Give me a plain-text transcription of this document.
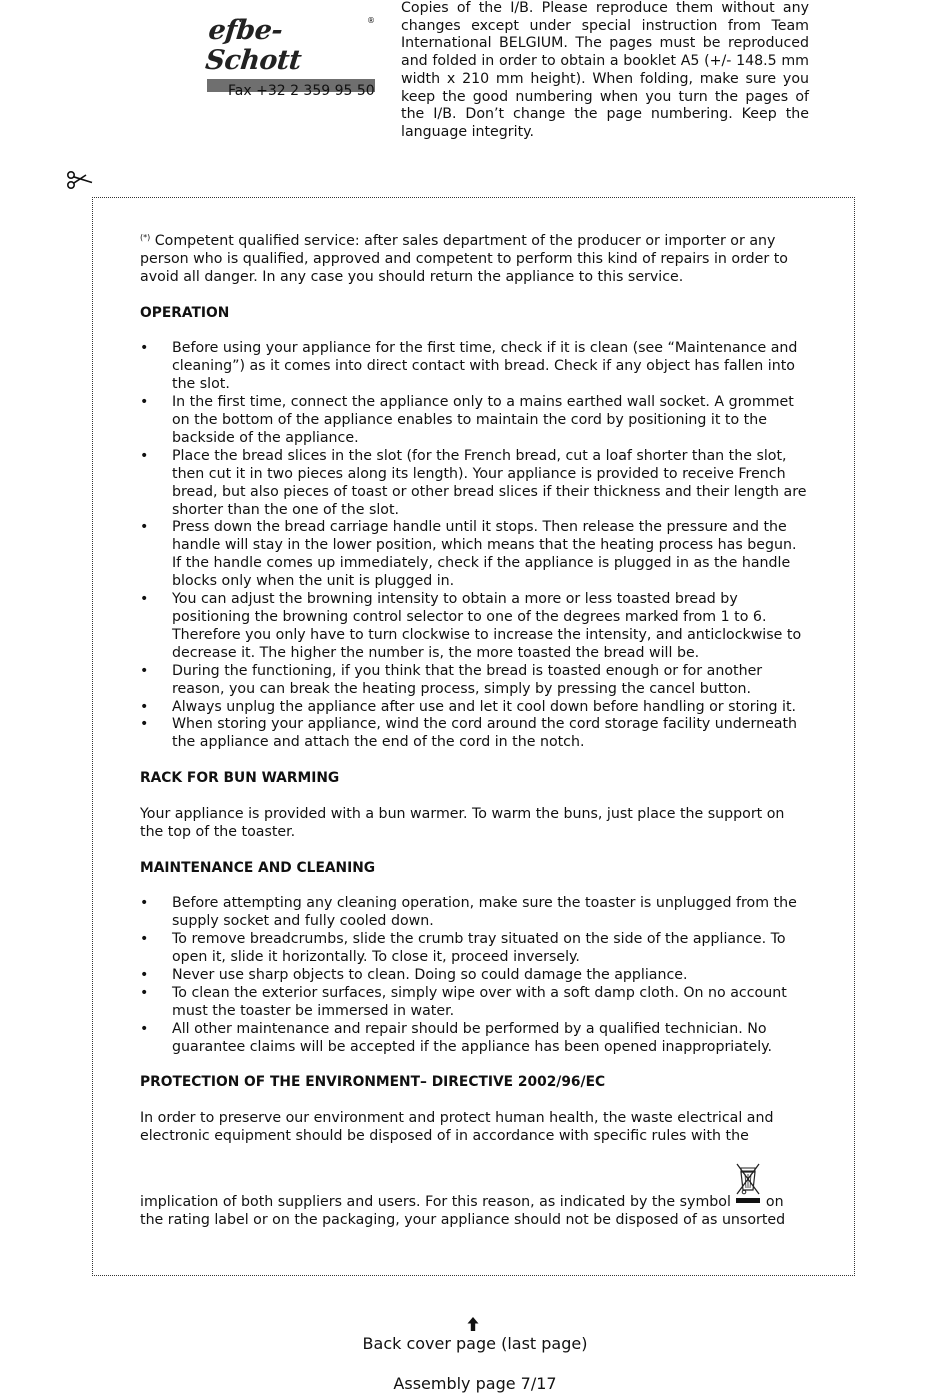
efbe-Schott
®
Fax +32 2 359 95 50
Copies of the I/B. Please reproduce them without any changes except under special instruction from Team International BELGIUM. The pages must be reproduced and folded in order to obtain a booklet A5 (+/- 148.5 mm width x 210 mm height). When folding, make sure you keep the good numbering when you turn the pages of the I/B. Don’t change the page numbering. Keep the language integrity.

(*) Competent qualified service: after sales department of the producer or importer or any person who is qualified, approved and competent to perform this kind of repairs in order to avoid all danger. In any case you should return the appliance to this service.

OPERATION
• Before using your appliance for the first time, check if it is clean (see “Maintenance and cleaning”) as it comes into direct contact with bread. Check if any object has fallen into the slot.
• In the first time, connect the appliance only to a mains earthed wall socket. A grommet on the bottom of the appliance enables to maintain the cord by positioning it to the backside of the appliance.
• Place the bread slices in the slot (for the French bread, cut a loaf shorter than the slot, then cut it in two pieces along its length). Your appliance is provided to receive French bread, but also pieces of toast or other bread slices if their thickness and their length are shorter than the one of the slot.
• Press down the bread carriage handle until it stops. Then release the pressure and the handle will stay in the lower position, which means that the heating process has begun. If the handle comes up immediately, check if the appliance is plugged in as the handle blocks only when the unit is plugged in.
• You can adjust the browning intensity to obtain a more or less toasted bread by positioning the browning control selector to one of the degrees marked from 1 to 6. Therefore you only have to turn clockwise to increase the intensity, and anticlockwise to decrease it. The higher the number is, the more toasted the bread will be.
• During the functioning, if you think that the bread is toasted enough or for another reason, you can break the heating process, simply by pressing the cancel button.
• Always unplug the appliance after use and let it cool down before handling or storing it.
• When storing your appliance, wind the cord around the cord storage facility underneath the appliance and attach the end of the cord in the notch.
RACK FOR BUN WARMING

Your appliance is provided with a bun warmer. To warm the buns, just place the support on the top of the toaster.

MAINTENANCE AND CLEANING
• Before attempting any cleaning operation, make sure the toaster is unplugged from the supply socket and fully cooled down.
• To remove breadcrumbs, slide the crumb tray situated on the side of the appliance. To open it, slide it horizontally. To close it, proceed inversely.
• Never use sharp objects to clean. Doing so could damage the appliance.
• To clean the exterior surfaces, simply wipe over with a soft damp cloth. On no account must the toaster be immersed in water.
• All other maintenance and repair should be performed by a qualified technician. No guarantee claims will be accepted if the appliance has been opened inappropriately.
PROTECTION OF THE ENVIRONMENT– DIRECTIVE 2002/96/EC

In order to preserve our environment and protect human health, the waste electrical and electronic equipment should be disposed of in accordance with specific rules with the

implication of both suppliers and users. For this reason, as indicated by the symbol on the rating label or on the packaging, your appliance should not be disposed of as unsorted

Back cover page (last page)
Assembly page 7/17
